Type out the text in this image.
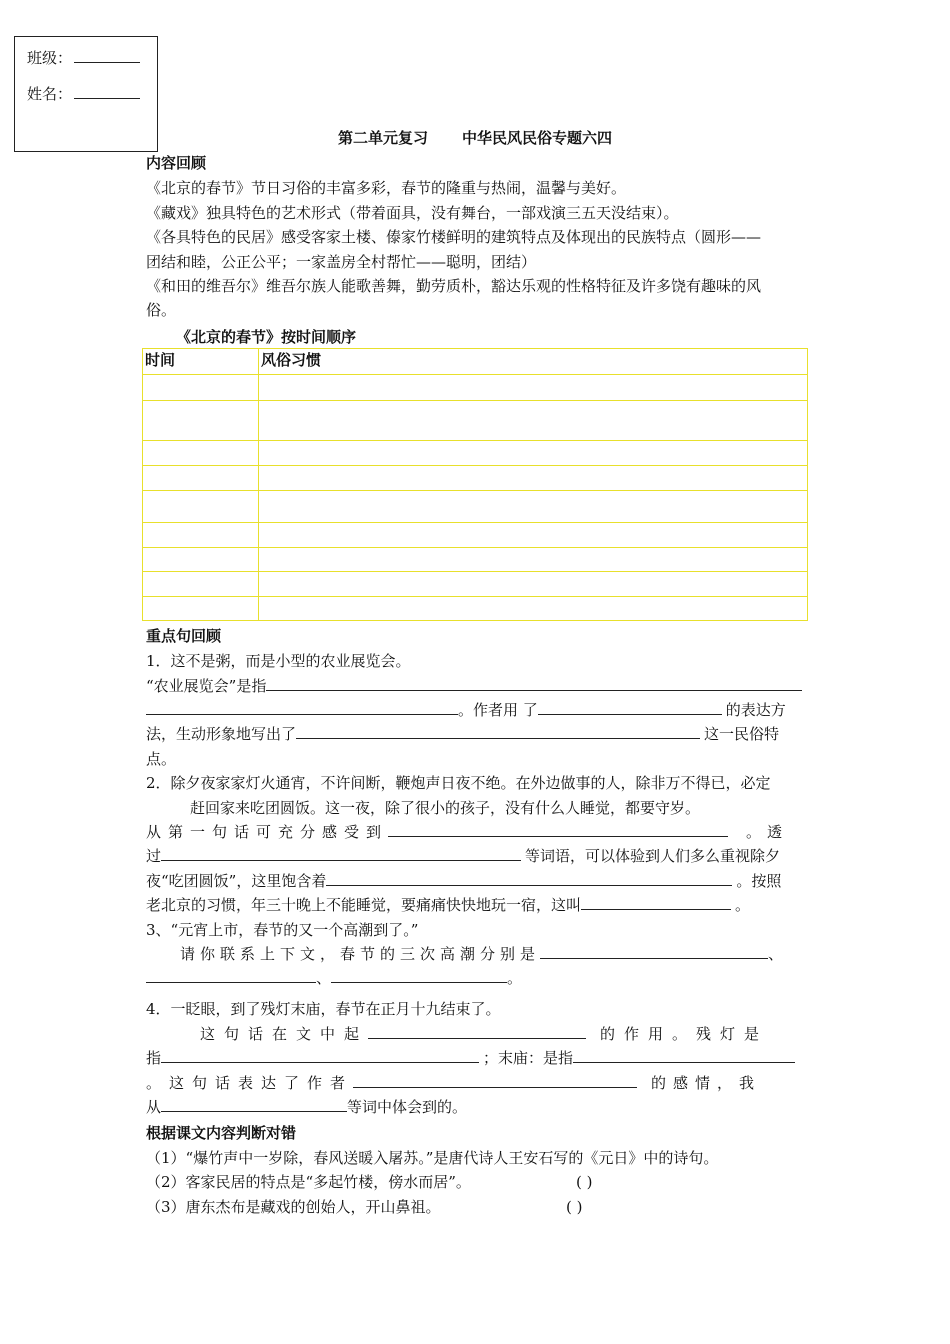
班级：
姓名：
第二单元复习 中华民风民俗专题六四
内容回顾
《北京的春节》节日习俗的丰富多彩，春节的隆重与热闹，温馨与美好。
《藏戏》独具特色的艺术形式（带着面具，没有舞台，一部戏演三五天没结束）。
《各具特色的民居》感受客家土楼、傣家竹楼鲜明的建筑特点及体现出的民族特点（圆形——
团结和睦，公正公平；一家盖房全村帮忙——聪明，团结）
《和田的维吾尔》维吾尔族人能歌善舞，勤劳质朴，豁达乐观的性格特征及许多饶有趣味的风
俗。
《北京的春节》按时间顺序
时间	风俗习惯

重点句回顾
1．这不是粥，而是小型的农业展览会。
“农业展览会”是指
。作者用 了	的表达方
法，生动形象地写出了	这一民俗特
点。
2．除夕夜家家灯火通宵，不许间断，鞭炮声日夜不绝。在外边做事的人，除非万不得已，必定
赶回家来吃团圆饭。这一夜，除了很小的孩子，没有什么人睡觉，都要守岁。
从第一句话可充分感受到	。透
过	等词语，可以体验到人们多么重视除夕
夜“吃团圆饭”，这里饱含着	。按照
老北京的习惯，年三十晚上不能睡觉，要痛痛快快地玩一宿，这叫	。
3、“元宵上市，春节的又一个高潮到了。”
请你联系上下文，春节的三次高潮分别是	、
、	。
4．一眨眼，到了残灯末庙，春节在正月十九结束了。
这句话在文中起	的作用。残灯是
指	；末庙：是指
。这句话表达了作者	的感情，我
从	等词中体会到的。
根据课文内容判断对错
（1）“爆竹声中一岁除，春风送暖入屠苏。”是唐代诗人王安石写的《元日》中的诗句。
（2）客家民居的特点是“多起竹楼，傍水而居”。	( )
（3）唐东杰布是藏戏的创始人，开山鼻祖。	( )
